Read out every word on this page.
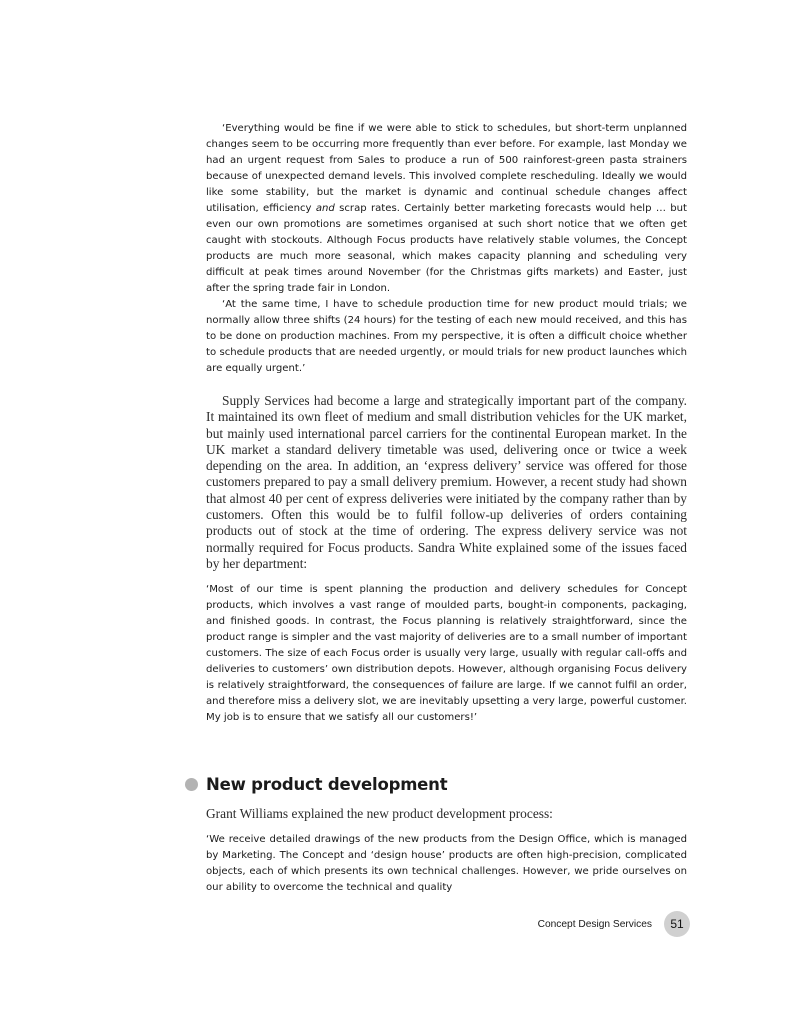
‘Everything would be fine if we were able to stick to schedules, but short-term unplanned changes seem to be occurring more frequently than ever before. For example, last Monday we had an urgent request from Sales to produce a run of 500 rainforest-green pasta strainers because of unexpected demand levels. This involved complete rescheduling. Ideally we would like some stability, but the market is dynamic and continual schedule changes affect utilisation, efficiency and scrap rates. Certainly better marketing forecasts would help … but even our own promotions are sometimes organised at such short notice that we often get caught with stockouts. Although Focus products have relatively stable volumes, the Concept products are much more seasonal, which makes capacity planning and scheduling very difficult at peak times around November (for the Christmas gifts markets) and Easter, just after the spring trade fair in London.

‘At the same time, I have to schedule production time for new product mould trials; we normally allow three shifts (24 hours) for the testing of each new mould received, and this has to be done on production machines. From my perspective, it is often a difficult choice whether to schedule products that are needed urgently, or mould trials for new product launches which are equally urgent.’

Supply Services had become a large and strategically important part of the company. It maintained its own fleet of medium and small distribution vehicles for the UK market, but mainly used international parcel carriers for the continental European market. In the UK market a standard delivery timetable was used, delivering once or twice a week depending on the area. In addition, an ‘express delivery’ service was offered for those customers prepared to pay a small delivery premium. However, a recent study had shown that almost 40 per cent of express deliveries were initiated by the company rather than by customers. Often this would be to fulfil follow-up deliveries of orders containing products out of stock at the time of ordering. The express delivery service was not normally required for Focus products. Sandra White explained some of the issues faced by her department:

‘Most of our time is spent planning the production and delivery schedules for Concept products, which involves a vast range of moulded parts, bought-in components, packaging, and finished goods. In contrast, the Focus planning is relatively straightforward, since the product range is simpler and the vast majority of deliveries are to a small number of important customers. The size of each Focus order is usually very large, usually with regular call-offs and deliveries to customers’ own distribution depots. However, although organising Focus delivery is relatively straightforward, the consequences of failure are large. If we cannot fulfil an order, and therefore miss a delivery slot, we are inevitably upsetting a very large, powerful customer. My job is to ensure that we satisfy all our customers!’

New product development

Grant Williams explained the new product development process:

‘We receive detailed drawings of the new products from the Design Office, which is managed by Marketing. The Concept and ‘design house’ products are often high-precision, complicated objects, each of which presents its own technical challenges. However, we pride ourselves on our ability to overcome the technical and quality

Concept Design Services	51
